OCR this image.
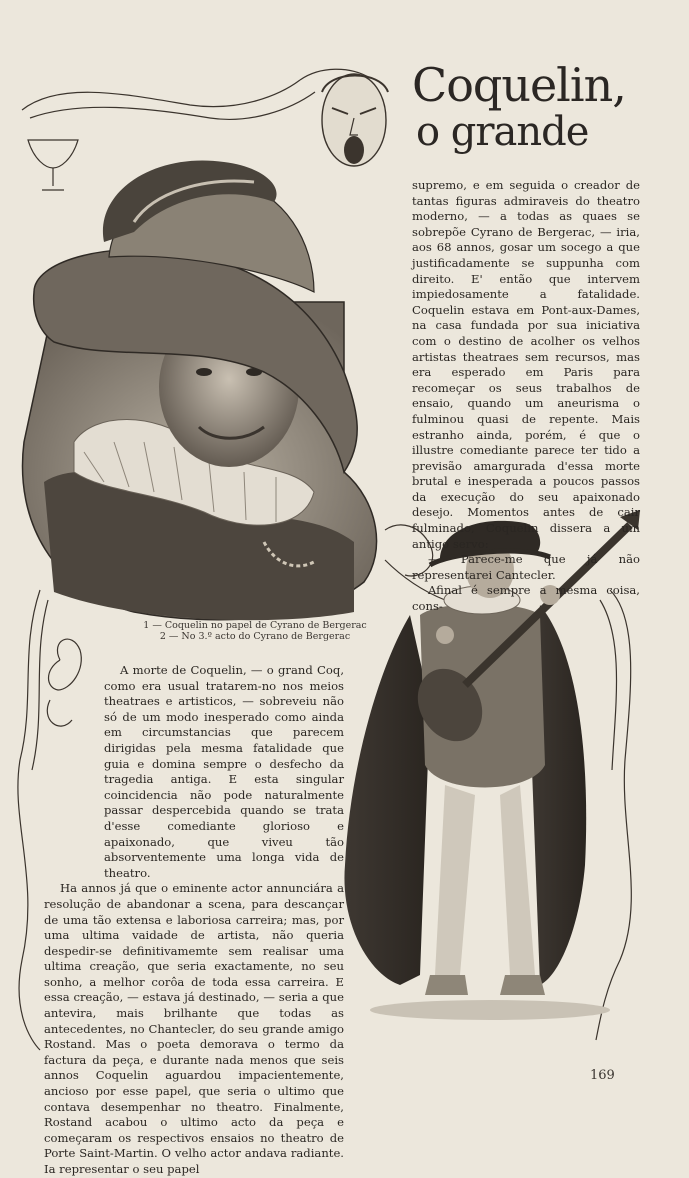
Coquelin,
o grande

supremo, e em seguida o creador de tantas figuras admiraveis do theatro moderno, — a todas as quaes se sobrepõe Cyrano de Bergerac, — iria, aos 68 annos, gosar um socego a que justificadamente se suppunha com direito. E' então que intervem impiedosamente a fatalidade. Coquelin estava em Pont-aux-Dames, na casa fundada por sua iniciativa com o destino de acolher os velhos artistas theatraes sem recursos, mas era esperado em Paris para recomeçar os seus trabalhos de ensaio, quando um aneurisma o fulminou quasi de repente. Mais estranho ainda, porém, é que o illustre comediante parece ter tido a previsão amargurada d'essa morte brutal e inesperada a poucos passos da execução do seu apaixonado desejo. Momentos antes de cair fulminado, Coquelin dissera a um antigo servo:

— Parece-me que já não representarei Cantecler.

Afinal é sempre a mesma coisa, cons-

1 — Coquelin no papel de Cyrano de Bergerac
2 — No 3.º acto do Cyrano de Bergerac

A morte de Coquelin, — o grand Coq, como era usual tratarem-no nos meios theatraes e artisticos, — sobreveiu não só de um modo inesperado como ainda em circumstancias que parecem dirigidas pela mesma fatalidade que guia e domina sempre o desfecho da tragedia antiga. E esta singular coincidencia não pode naturalmente passar despercebida quando se trata d'esse comediante glorioso e apaixonado, que viveu tão absorventemente uma longa vida de theatro.

Ha annos já que o eminente actor annunciára a resolução de abandonar a scena, para descançar de uma tão extensa e laboriosa carreira; mas, por uma ultima vaidade de artista, não queria despedir-se definitivamemte sem realisar uma ultima creação, que seria exactamente, no seu sonho, a melhor corôa de toda essa carreira. E essa creação, — estava já destinado, — seria a que antevira, mais brilhante que todas as antecedentes, no Chantecler, do seu grande amigo Rostand. Mas o poeta demorava o termo da factura da peça, e durante nada menos que seis annos Coquelin aguardou impacientemente, ancioso por esse papel, que seria o ultimo que contava desempenhar no theatro. Finalmente, Rostand acabou o ultimo acto da peça e começaram os respectivos ensaios no theatro de Porte Saint-Martin. O velho actor andava radiante. Ia representar o seu papel

169
